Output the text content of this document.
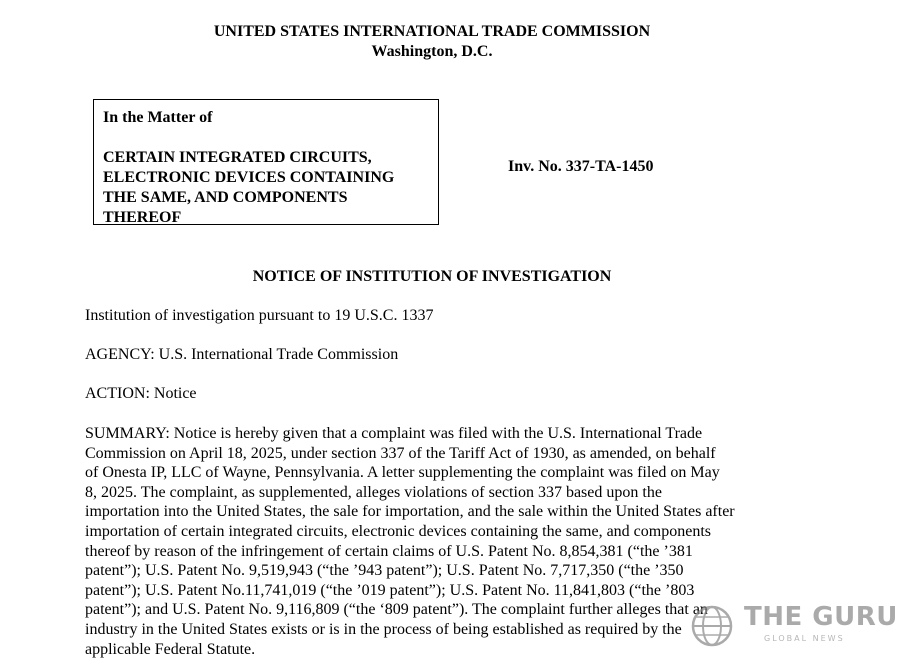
UNITED STATES INTERNATIONAL TRADE COMMISSION
Washington, D.C.
In the Matter of
CERTAIN INTEGRATED CIRCUITS,
ELECTRONIC DEVICES CONTAINING
THE SAME, AND COMPONENTS
THEREOF
Inv. No. 337-TA-1450
NOTICE OF INSTITUTION OF INVESTIGATION
Institution of investigation pursuant to 19 U.S.C. 1337
AGENCY: U.S. International Trade Commission
ACTION: Notice
SUMMARY: Notice is hereby given that a complaint was filed with the U.S. International Trade
Commission on April 18, 2025, under section 337 of the Tariff Act of 1930, as amended, on behalf
of Onesta IP, LLC of Wayne, Pennsylvania. A letter supplementing the complaint was filed on May
8, 2025. The complaint, as supplemented, alleges violations of section 337 based upon the
importation into the United States, the sale for importation, and the sale within the United States after
importation of certain integrated circuits, electronic devices containing the same, and components
thereof by reason of the infringement of certain claims of U.S. Patent No. 8,854,381 (“the ’381
patent”); U.S. Patent No. 9,519,943 (“the ’943 patent”); U.S. Patent No. 7,717,350 (“the ’350
patent”); U.S. Patent No.11,741,019 (“the ’019 patent”); U.S. Patent No. 11,841,803 (“the ’803
patent”); and U.S. Patent No. 9,116,809 (“the ‘809 patent”). The complaint further alleges that an
industry in the United States exists or is in the process of being established as required by the
applicable Federal Statute.
THE GURU
GLOBAL NEWS
